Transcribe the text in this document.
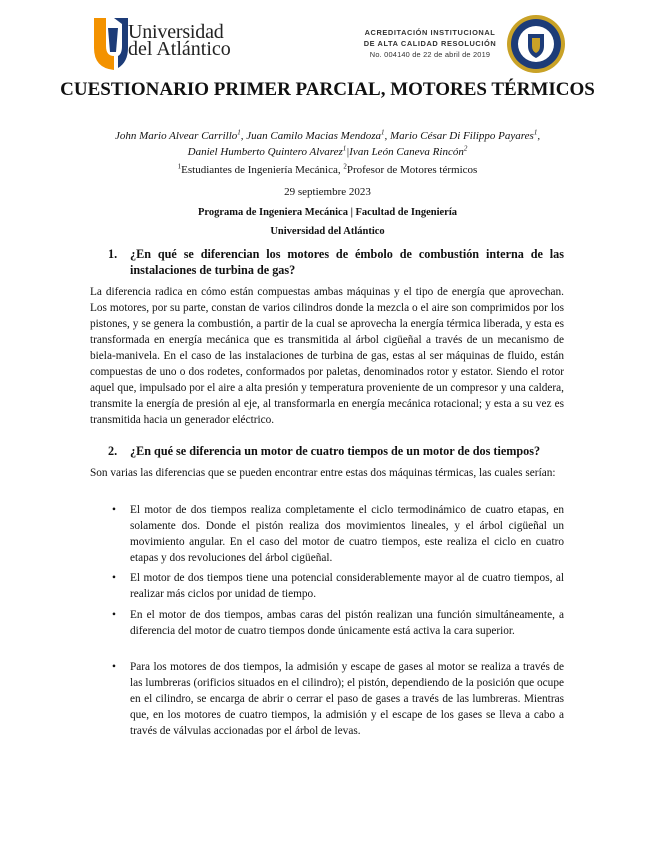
Universidad
del Atlántico
ACREDITACIÓN INSTITUCIONAL
DE ALTA CALIDAD RESOLUCIÓN
No. 004140 de 22 de abril de 2019
CUESTIONARIO PRIMER PARCIAL, MOTORES TÉRMICOS
John Mario Alvear Carrillo$^1$, Juan Camilo Macias Mendoza$^1$, Mario César Di Filippo Payares$^1$,
Daniel Humberto Quintero Alvarez$^1$|Ivan León Caneva Rincón$^2$
$^1$Estudiantes de Ingeniería Mecánica, $^2$Profesor de Motores térmicos
29 septiembre 2023
Programa de Ingeniera Mecánica | Facultad de Ingeniería
Universidad del Atlántico
1.	¿En qué se diferencian los motores de émbolo de combustión interna de las instalaciones de turbina de gas?
La diferencia radica en cómo están compuestas ambas máquinas y el tipo de energía que aprovechan. Los motores, por su parte, constan de varios cilindros donde la mezcla o el aire son comprimidos por los pistones, y se genera la combustión, a partir de la cual se aprovecha la energía térmica liberada, y esta es transformada en energía mecánica que es transmitida al árbol cigüeñal a través de un mecanismo de biela-manivela. En el caso de las instalaciones de turbina de gas, estas al ser máquinas de fluido, están compuestas de uno o dos rodetes, conformados por paletas, denominados rotor y estator. Siendo el rotor aquel que, impulsado por el aire a alta presión y temperatura proveniente de un compresor y una caldera, transmite la energía de presión al eje, al transformarla en energía mecánica rotacional; y esta a su vez es transmitida hacia un generador eléctrico.
2.	¿En qué se diferencia un motor de cuatro tiempos de un motor de dos tiempos?
Son varias las diferencias que se pueden encontrar entre estas dos máquinas térmicas, las cuales serían:
•	El motor de dos tiempos realiza completamente el ciclo termodinámico de cuatro etapas, en solamente dos. Donde el pistón realiza dos movimientos lineales, y el árbol cigüeñal un movimiento angular. En el caso del motor de cuatro tiempos, este realiza el ciclo en cuatro etapas y dos revoluciones del árbol cigüeñal.
•	El motor de dos tiempos tiene una potencial considerablemente mayor al de cuatro tiempos, al realizar más ciclos por unidad de tiempo.
•	En el motor de dos tiempos, ambas caras del pistón realizan una función simultáneamente, a diferencia del motor de cuatro tiempos donde únicamente está activa la cara superior.
•	Para los motores de dos tiempos, la admisión y escape de gases al motor se realiza a través de las lumbreras (orificios situados en el cilindro); el pistón, dependiendo de la posición que ocupe en el cilindro, se encarga de abrir o cerrar el paso de gases a través de las lumbreras. Mientras que, en los motores de cuatro tiempos, la admisión y el escape de los gases se lleva a cabo a través de válvulas accionadas por el árbol de levas.
